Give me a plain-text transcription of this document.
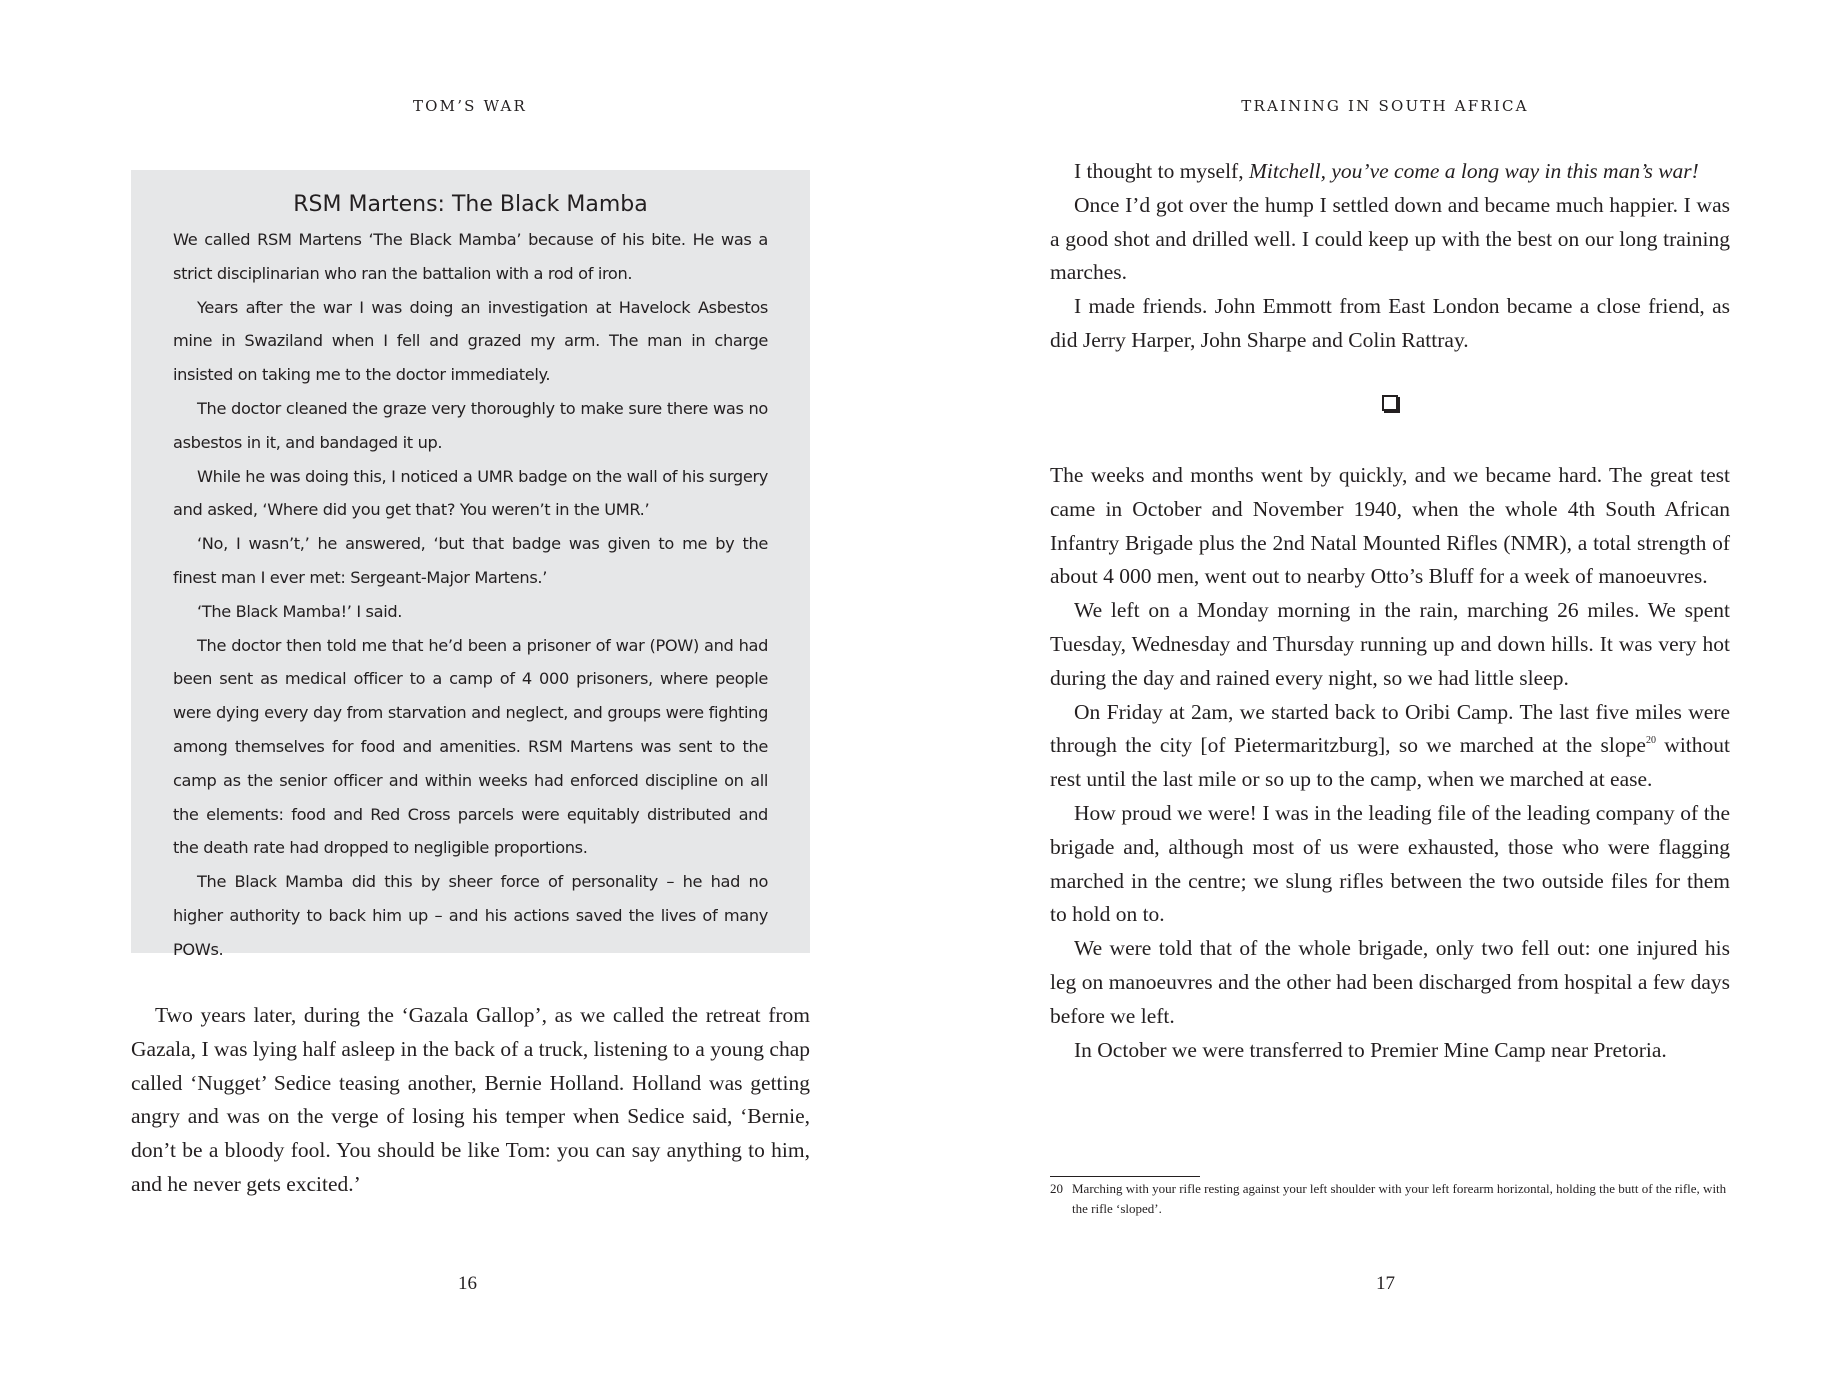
TOM’S WAR
RSM Martens: The Black Mamba

We called RSM Martens ‘The Black Mamba’ because of his bite. He was a strict disciplinarian who ran the battalion with a rod of iron.

Years after the war I was doing an investigation at Havelock Asbestos mine in Swaziland when I fell and grazed my arm. The man in charge insisted on taking me to the doctor immediately.

The doctor cleaned the graze very thoroughly to make sure there was no asbestos in it, and bandaged it up.

While he was doing this, I noticed a UMR badge on the wall of his surgery and asked, ‘Where did you get that? You weren’t in the UMR.’

‘No, I wasn’t,’ he answered, ‘but that badge was given to me by the finest man I ever met: Sergeant-Major Martens.’

‘The Black Mamba!’ I said.

The doctor then told me that he’d been a prisoner of war (POW) and had been sent as medical officer to a camp of 4 000 prisoners, where people were dying every day from starvation and neglect, and groups were fighting among themselves for food and amenities. RSM Martens was sent to the camp as the senior officer and within weeks had enforced discipline on all the elements: food and Red Cross parcels were equitably distributed and the death rate had dropped to negligible proportions.

The Black Mamba did this by sheer force of personality – he had no higher authority to back him up – and his actions saved the lives of many POWs.

Two years later, during the ‘Gazala Gallop’, as we called the retreat from Gazala, I was lying half asleep in the back of a truck, listening to a young chap called ‘Nugget’ Sedice teasing another, Bernie Holland. Holland was getting angry and was on the verge of losing his temper when Sedice said, ‘Bernie, don’t be a bloody fool. You should be like Tom: you can say anything to him, and he never gets excited.’

16
TRAINING IN SOUTH AFRICA

I thought to myself, Mitchell, you’ve come a long way in this man’s war!

Once I’d got over the hump I settled down and became much happier. I was a good shot and drilled well. I could keep up with the best on our long training marches.

I made friends. John Emmott from East London became a close friend, as did Jerry Harper, John Sharpe and Colin Rattray.

The weeks and months went by quickly, and we became hard. The great test came in October and November 1940, when the whole 4th South African Infantry Brigade plus the 2nd Natal Mounted Rifles (NMR), a total strength of about 4 000 men, went out to nearby Otto’s Bluff for a week of manoeuvres.

We left on a Monday morning in the rain, marching 26 miles. We spent Tuesday, Wednesday and Thursday running up and down hills. It was very hot during the day and rained every night, so we had little sleep.

On Friday at 2am, we started back to Oribi Camp. The last five miles were through the city [of Pietermaritzburg], so we marched at the slope$^{20}$ without rest until the last mile or so up to the camp, when we marched at ease.

How proud we were! I was in the leading file of the leading company of the brigade and, although most of us were exhausted, those who were flagging marched in the centre; we slung rifles between the two outside files for them to hold on to.

We were told that of the whole brigade, only two fell out: one injured his leg on manoeuvres and the other had been discharged from hospital a few days before we left.

In October we were transferred to Premier Mine Camp near Pretoria.

20 Marching with your rifle resting against your left shoulder with your left forearm horizontal, holding the butt of the rifle, with the rifle ‘sloped’.
17
